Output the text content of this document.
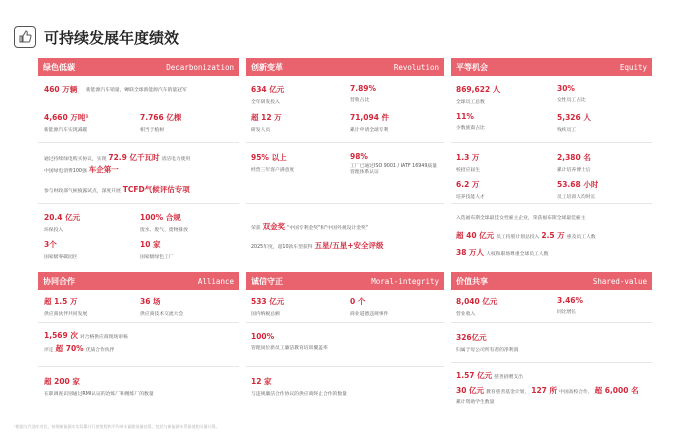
可持续发展年度绩效
绿色低碳	Decarbonization
460 万辆 新能源汽车销量，蝉联全球新能源汽车销量冠军
4,660 万吨¹
新能源汽车实现减碳
7.766 亿棵
相当于植树
通过持续绿电购买协议，实现 72.9 亿千瓦时 清洁电力使用
中国绿电消费100强 车企第一
参与财政部气候披露试点，深度开展 TCFD气候评估专项
20.4 亿元
环保投入
100% 合规
废水、废气、废物排放
3个
国家级零碳园区
10 家
国家级绿色工厂
创新变革	Revolution
634 亿元
全年研发投入
7.89%
营收占比
超 12 万
研发人员
71,094 件
累计申请全球专利
95% 以上
经营三年客户满意度
98%
工厂已通过ISO 9001 / IATF 16949质量管理体系认证
荣获 双金奖 "中国专利金奖"和"中国外观设计金奖"
2025年度，超10款车型获得 五星/五星+安全评级
平等机会	Equity
869,622 人
全球员工总数
30%
女性员工占比
11%
少数族裔占比
5,326 人
残疾员工
1.3 万
校招应届生
2,380 名
累计培养博士后
6.2 万
培养技能人才
53.68 小时
员工培训人均时长
入选福布斯全球最佳女性雇主企业，荣获福布斯全球最佳雇主
超 40 亿元 员工持股计划总投入 2.5 万 惠及员工人数
38 万人 人权和职场尊重全球员工人数
协同合作	Alliance
超 1.5 万
供应商伙伴共同发展
36 场
供应商技术交流大会
1,569 次 对合格供应商现场审核
评定 超 70% 优质合作伙伴
超 200 家
在职调查识别通过RMI认证的冶炼厂和精炼厂的数量
诚信守正	Moral-integrity
533 亿元
国内纳税总额
0 个
商业道德违规事件
100%
管理岗位新员工廉洁教育培训覆盖率
12 家
与违规廉洁合作协议的供应商终止合作的数量
价值共享	Shared-value
8,040 亿元
营业收入
3.46%
同比增长
326亿元
归属于母公司所有者的净利润
1.57 亿元 慈善捐赠支出
30 亿元 教育慈善基金计划， 127 所 中国高校合作， 超 6,000 名
累计资助学生数量
¹根据与汽油车对比，按照新能源车实际累计行驶里程和平均单车碳排放量估算，包括与新能源车系排放相关量计算。
